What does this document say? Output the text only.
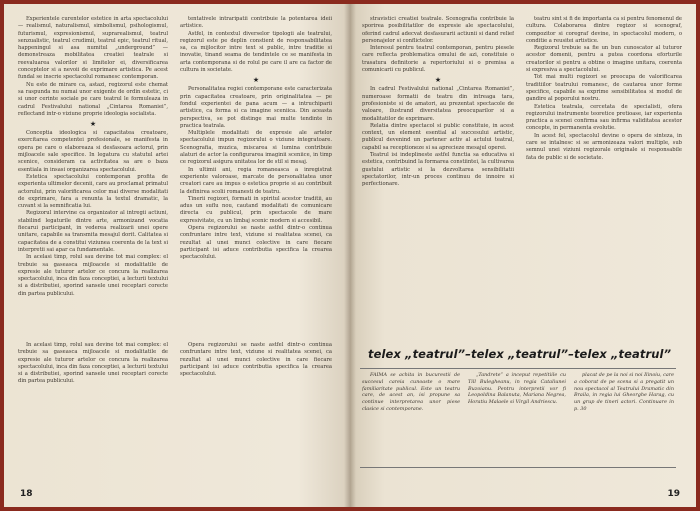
Experientele curentelor estetice in arta spectacolului — realismul, naturalismul, simbolismul, psihologismul, futurismul, expresionismul, suprarealismul, teatrul senzualistic, teatrul crudimii, teatrul epic, teatrul ritual, happeningul si asa numitul „underground” — demonstreaza mobilitatea creatiei teatrale si reevaluarea valorilor si limitelor ei, diversificarea conceptelor si a nevoii de exprimare artistica. Pe acest fundal se inscrie spectacolul romanesc contemporan.

Nu este de mirare ca, astazi, regizorul este chemat sa raspunda nu numai unor exigente de ordin estetic, ci si unor cerinte sociale pe care teatrul le formuleaza in cadrul Festivalului national „Cintarea Romaniei”, reflectand intr-o viziune proprie ideologia socialista.

★

Conceptia ideologica si capacitatea creatoare, exercitarea competentei profesionale, se manifesta in opera pe care o elaboreaza si desfasoara actorul, prin mijloacele sale specifice. In legatura cu statutul artei scenice, consideram ca activitatea sa are o baza esentiala in insasi organizarea spectacolului.

Estetica spectacolului contemporan profita de experienta ultimelor decenii, care au proclamat primatul actorului, prin valorificarea celor mai diverse modalitati de exprimare, fara a renunta la textul dramatic, la cuvant si la semnificatia lui.

Regizorul intervine ca organizator al intregii actiuni, stabilind legaturile dintre arte, armonizand vocatia fiecarui participant, in vederea realizarii unei opere unitare, capabile sa transmita mesajul dorit. Calitatea si capacitatea de a constitui viziunea coerenta de la text si interpretii sai apar ca fundamentale.

In acelasi timp, rolul sau devine tot mai complex: el trebuie sa gaseasca mijloacele si modalitatile de expresie ale tuturor artelor ce concura la realizarea spectacolului, inca din faza conceptiei, a lecturii textului si a distributiei, sporind sansele unei receptari corecte din partea publicului.

tentativele intraripatii contribuie la potentarea ideii artistice.

Astfel, in contextul diverselor tipologii ale teatrului, regizorul este pe deplin constient de responsabilitatea sa, ca mijlocitor intre text si public, intre traditie si inovatie, tinand seama de tendintele ce se manifesta in arta contemporana si de rolul pe care il are ca factor de cultura in societate.

★

Personalitatea regiei contemporane este caracterizata prin capacitatea creatoare, prin originalitatea — pe fondul experientei de pana acum — a intruchiparii artistice, ca forma si ca imagine sceniica. Din aceasta perspectiva, se pot distinge mai multe tendinte in practica teatrala.

Multiplele modalitati de expresie ale artelor spectacolului impun regizorului o viziune integratoare. Scenografia, muzica, miscarea si lumina contribuie alaturi de actor la configurarea imaginii sceniice, in timp ce regizorul asigura unitatea lor de stil si mesaj.

In ultimii ani, regia romaneasca a inregistrat experiente valoroase, marcate de personalitatea unor creatori care au impus o estetica proprie si au contribuit la definirea scolii romanesti de teatru.

Tinerii regizori, formati in spiritul acestor traditii, au adus un suflu nou, cautand modalitati de comunicare directa cu publicul, prin spectacole de mare expresivitate, cu un limbaj scenic modern si accesibil.

Opera regizorului se naste astfel dintr-o continua confruntare intre text, viziune si realitatea scenei, ca rezultat al unei munci colective in care fiecare participant isi aduce contributia specifica la crearea spectacolului.

In acelasi timp, rolul sau devine tot mai complex: el trebuie sa gaseasca mijloacele si modalitatile de expresie ale tuturor artelor ce concura la realizarea spectacolului, inca din faza conceptiei, a lecturii textului si a distributiei, sporind sansele unei receptari corecte din partea publicului.

Opera regizorului se naste astfel dintr-o continua confruntare intre text, viziune si realitatea scenei, ca rezultat al unei munci colective in care fiecare participant isi aduce contributia specifica la crearea spectacolului.

18

stravistici creatiei teatrale. Scenografia contribuie la sporirea posibilitatilor de expresie ale spectacolului, oferind cadrul adecvat desfasurarii actiunii si dand relief personajelor si conflictelor.

Interesul pentru teatrul contemporan, pentru piesele care reflecta problematica omului de azi, constituie o trasatura definitorie a repertoriului si o premisa a comunicarii cu publicul.

★

In cadrul Festivalului national „Cintarea Romaniei”, numeroase formatii de teatru din intreaga tara, profesioniste si de amatori, au prezentat spectacole de valoare, ilustrand diversitatea preocuparilor si a modalitatilor de exprimare.

Relatia dintre spectacol si public constituie, in acest context, un element esential al succesului artistic, publicul devenind un partener activ al actului teatral, capabil sa receptioneze si sa aprecieze mesajul operei.

Teatrul isi indeplineste astfel functia sa educativa si estetica, contribuind la formarea constiintei, la cultivarea gustului artistic si la dezvoltarea sensibilitatii spectatorilor, intr-un proces continuu de innoire si perfectionare.

teatru sint si fi de importanta ca si pentru fenomenul de cultura. Colaborarea dintre regizor si scenograf, compozitor si coregraf devine, in spectacolul modern, o conditie a reusitei artistice.

Regizorul trebuie sa fie un bun cunoscator al tuturor acestor domenii, pentru a putea coordona eforturile creatorilor si pentru a obtine o imagine unitara, coerenta si expresiva a spectacolului.

Tot mai multi regizori se preocupa de valorificarea traditiilor teatrului romanesc, de cautarea unor forme specifice, capabile sa exprime sensibilitatea si modul de gandire al poporului nostru.

Estetica teatrala, cercetata de specialisti, ofera regizorului instrumente teoretice pretioase, iar experienta practica a scenei confirma sau infirma validitatea acestor concepte, in permanenta evolutie.

In acest fel, spectacolul devine o opera de sinteza, in care se intalnesc si se armonizeaza valori multiple, sub semnul unei viziuni regizorale originale si responsabile fata de public si de societate.

telex „teatrul”–telex „teatrul”–telex „teatrul”

FAIMA se achita in bucurestii de succesul careia cunoaste o mare familiaritate publicul. Este un teatru care, de acest an, isi propune sa continue interpretarea unor piese clasice si contemporane.

„Tandrete” a inceput repetitiile cu Till Bulegheanu, in regia Cataliunei Buzoianu. Pentru interpretii vor fi Leopoldina Balanuta, Mariana Negrea, Horatiu Malaele si Virgil Andriescu.

placat de pe la noi si noi Ilinoiu, care a coborat de pe scena si a pregatit un nou spectacol al Teatrului Dramatic din Braila, in regia lui Gheorghe Harag, cu un grup de tineri actori. Continuare in p. 30

19
